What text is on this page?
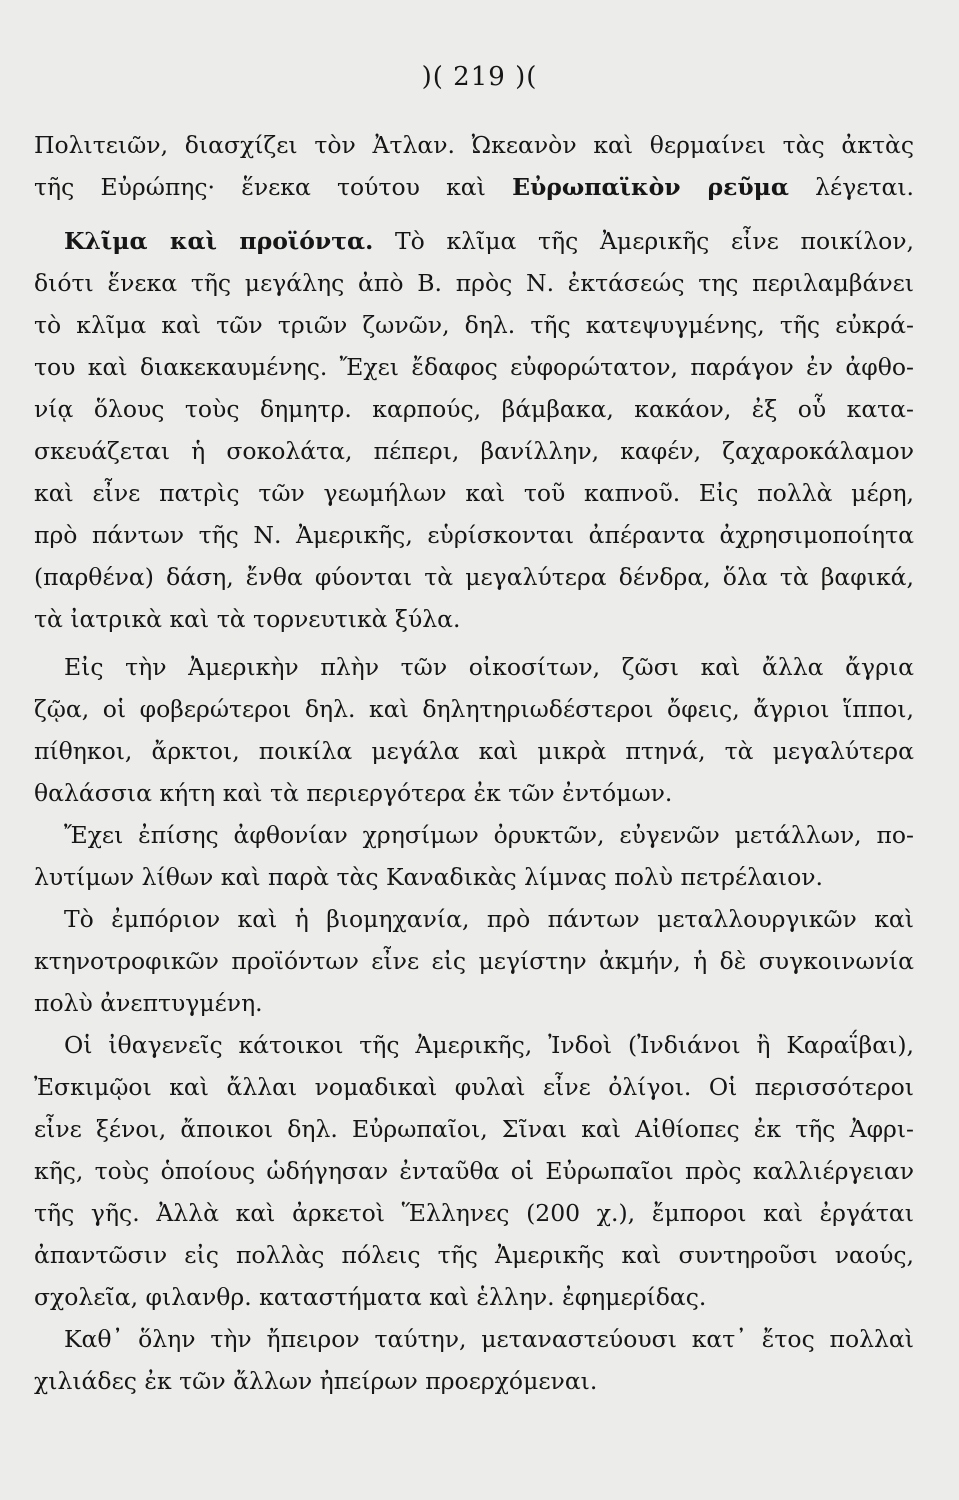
)( 219 )(
Πολιτειῶν, διασχίζει τὸν Ἀτλαν. Ὠκεανὸν καὶ θερμαίνει τὰς ἀκτὰς
τῆς Εὐρώπης· ἕνεκα τούτου καὶ Εὐρωπαϊκὸν ρεῦμα λέγεται.
Κλῖμα καὶ προϊόντα. Τὸ κλῖμα τῆς Ἀμερικῆς εἶνε ποικίλον,
διότι ἕνεκα τῆς μεγάλης ἀπὸ Β. πρὸς Ν. ἐκτάσεώς της περιλαμβάνει
τὸ κλῖμα καὶ τῶν τριῶν ζωνῶν, δηλ. τῆς κατεψυγμένης, τῆς εὐκρά-
του καὶ διακεκαυμένης. Ἔχει ἔδαφος εὐφορώτατον, παράγον ἐν ἀφθο-
νίᾳ ὅλους τοὺς δημητρ. καρπούς, βάμβακα, κακάον, ἐξ οὗ κατα-
σκευάζεται ἡ σοκολάτα, πέπερι, βανίλλην, καφέν, ζαχαροκάλαμον
καὶ εἶνε πατρὶς τῶν γεωμήλων καὶ τοῦ καπνοῦ. Εἰς πολλὰ μέρη,
πρὸ πάντων τῆς Ν. Ἀμερικῆς, εὑρίσκονται ἀπέραντα ἀχρησιμοποίητα
(παρθένα) δάση, ἔνθα φύονται τὰ μεγαλύτερα δένδρα, ὅλα τὰ βαφικά,
τὰ ἰατρικὰ καὶ τὰ τορνευτικὰ ξύλα.
Εἰς τὴν Ἀμερικὴν πλὴν τῶν οἰκοσίτων, ζῶσι καὶ ἄλλα ἄγρια
ζῷα, οἱ φοβερώτεροι δηλ. καὶ δηλητηριωδέστεροι ὄφεις, ἄγριοι ἵπποι,
πίθηκοι, ἄρκτοι, ποικίλα μεγάλα καὶ μικρὰ πτηνά, τὰ μεγαλύτερα
θαλάσσια κήτη καὶ τὰ περιεργότερα ἐκ τῶν ἐντόμων.
Ἔχει ἐπίσης ἀφθονίαν χρησίμων ὀρυκτῶν, εὐγενῶν μετάλλων, πο-
λυτίμων λίθων καὶ παρὰ τὰς Καναδικὰς λίμνας πολὺ πετρέλαιον.
Τὸ ἐμπόριον καὶ ἡ βιομηχανία, πρὸ πάντων μεταλλουργικῶν καὶ
κτηνοτροφικῶν προϊόντων εἶνε εἰς μεγίστην ἀκμήν, ἡ δὲ συγκοινωνία
πολὺ ἀνεπτυγμένη.
Οἱ ἰθαγενεῖς κάτοικοι τῆς Ἀμερικῆς, Ἰνδοὶ (Ἰνδιάνοι ἢ Καραΐβαι),
Ἐσκιμῷοι καὶ ἄλλαι νομαδικαὶ φυλαὶ εἶνε ὀλίγοι. Οἱ περισσότεροι
εἶνε ξένοι, ἄποικοι δηλ. Εὐρωπαῖοι, Σῖναι καὶ Αἰθίοπες ἐκ τῆς Ἀφρι-
κῆς, τοὺς ὁποίους ὡδήγησαν ἐνταῦθα οἱ Εὐρωπαῖοι πρὸς καλλιέργειαν
τῆς γῆς. Ἀλλὰ καὶ ἀρκετοὶ Ἕλληνες (200 χ.), ἔμποροι καὶ ἐργάται
ἀπαντῶσιν εἰς πολλὰς πόλεις τῆς Ἀμερικῆς καὶ συντηροῦσι ναούς,
σχολεῖα, φιλανθρ. καταστήματα καὶ ἑλλην. ἐφημερίδας.
Καθ᾿ ὅλην τὴν ἤπειρον ταύτην, μεταναστεύουσι κατ᾿ ἔτος πολλαὶ
χιλιάδες ἐκ τῶν ἄλλων ἠπείρων προερχόμεναι.
